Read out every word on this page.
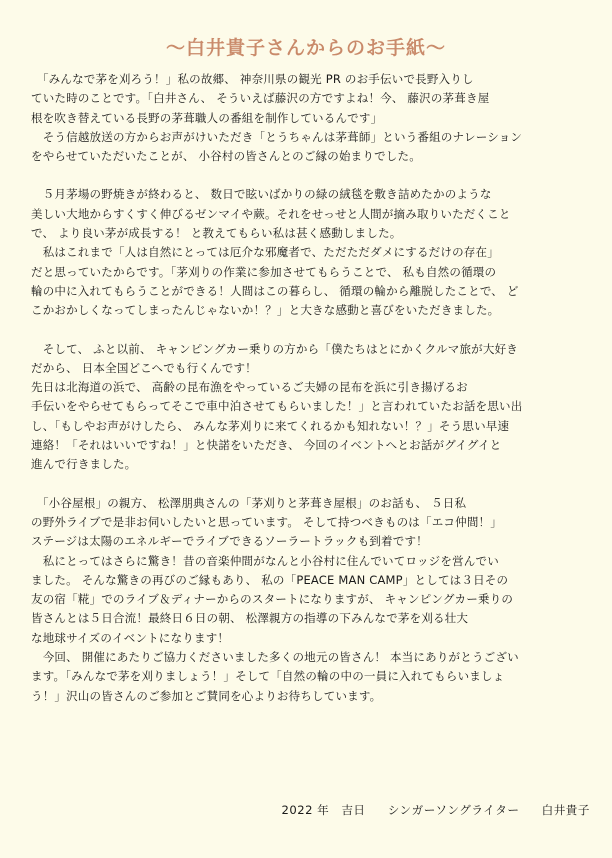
〜白井貴子さんからのお手紙〜
　「みんなで茅を刈ろう！」私の故郷、 神奈川県の観光 PR のお手伝いで長野入りし
ていた時のことです。「白井さん、 そういえば藤沢の方ですよね！今、 藤沢の茅葺き屋
根を吹き替えている長野の茅葺職人の番組を制作しているんです」
　そう信越放送の方からお声がけいただき「とうちゃんは茅葺師」という番組のナレーション
をやらせていただいたことが、 小谷村の皆さんとのご縁の始まりでした。
　５月茅場の野焼きが終わると、 数日で眩いばかりの緑の絨毯を敷き詰めたかのような
美しい大地からすくすく伸びるゼンマイや蕨。それをせっせと人間が摘み取りいただくこと
で、 より良い茅が成長する！ と教えてもらい私は甚く感動しました。
　私はこれまで「人は自然にとっては厄介な邪魔者で、ただただダメにするだけの存在」
だと思っていたからです。「茅刈りの作業に参加させてもらうことで、 私も自然の循環の
輪の中に入れてもらうことができる！人間はこの暮らし、 循環の輪から離脱したことで、 ど
こかおかしくなってしまったんじゃないか！？」と大きな感動と喜びをいただきました。
　そして、 ふと以前、 キャンピングカー乗りの方から「僕たちはとにかくクルマ旅が大好き
だから、 日本全国どこへでも行くんです！
先日は北海道の浜で、 高齢の昆布漁をやっているご夫婦の昆布を浜に引き揚げるお
手伝いをやらせてもらってそこで車中泊させてもらいました！」と言われていたお話を思い出
し、「もしやお声がけしたら、 みんな茅刈りに来てくれるかも知れない！？」そう思い早速
連絡！「それはいいですね！」と快諾をいただき、 今回のイベントへとお話がグイグイと
進んで行きました。
　「小谷屋根」の親方、 松澤朋典さんの「茅刈りと茅葺き屋根」のお話も、 ５日私
の野外ライブで是非お伺いしたいと思っています。 そして持つべきものは「エコ仲間！」
ステージは太陽のエネルギーでライブできるソーラートラックも到着です！
　私にとってはさらに驚き！昔の音楽仲間がなんと小谷村に住んでいてロッジを営んでい
ました。 そんな驚きの再びのご縁もあり、 私の「PEACE MAN CAMP」としては３日その
友の宿「糀」でのライブ＆ディナーからのスタートになりますが、 キャンピングカー乗りの
皆さんとは５日合流！最終日６日の朝、 松澤親方の指導の下みんなで茅を刈る壮大
な地球サイズのイベントになります！
　今回、 開催にあたりご協力くださいました多くの地元の皆さん！ 本当にありがとうござい
ます。「みんなで茅を刈りましょう！」そして「自然の輪の中の一員に入れてもらいましょ
う！」沢山の皆さんのご参加とご賛同を心よりお待ちしています。
2022 年　吉日 シンガーソングライター 白井貴子
